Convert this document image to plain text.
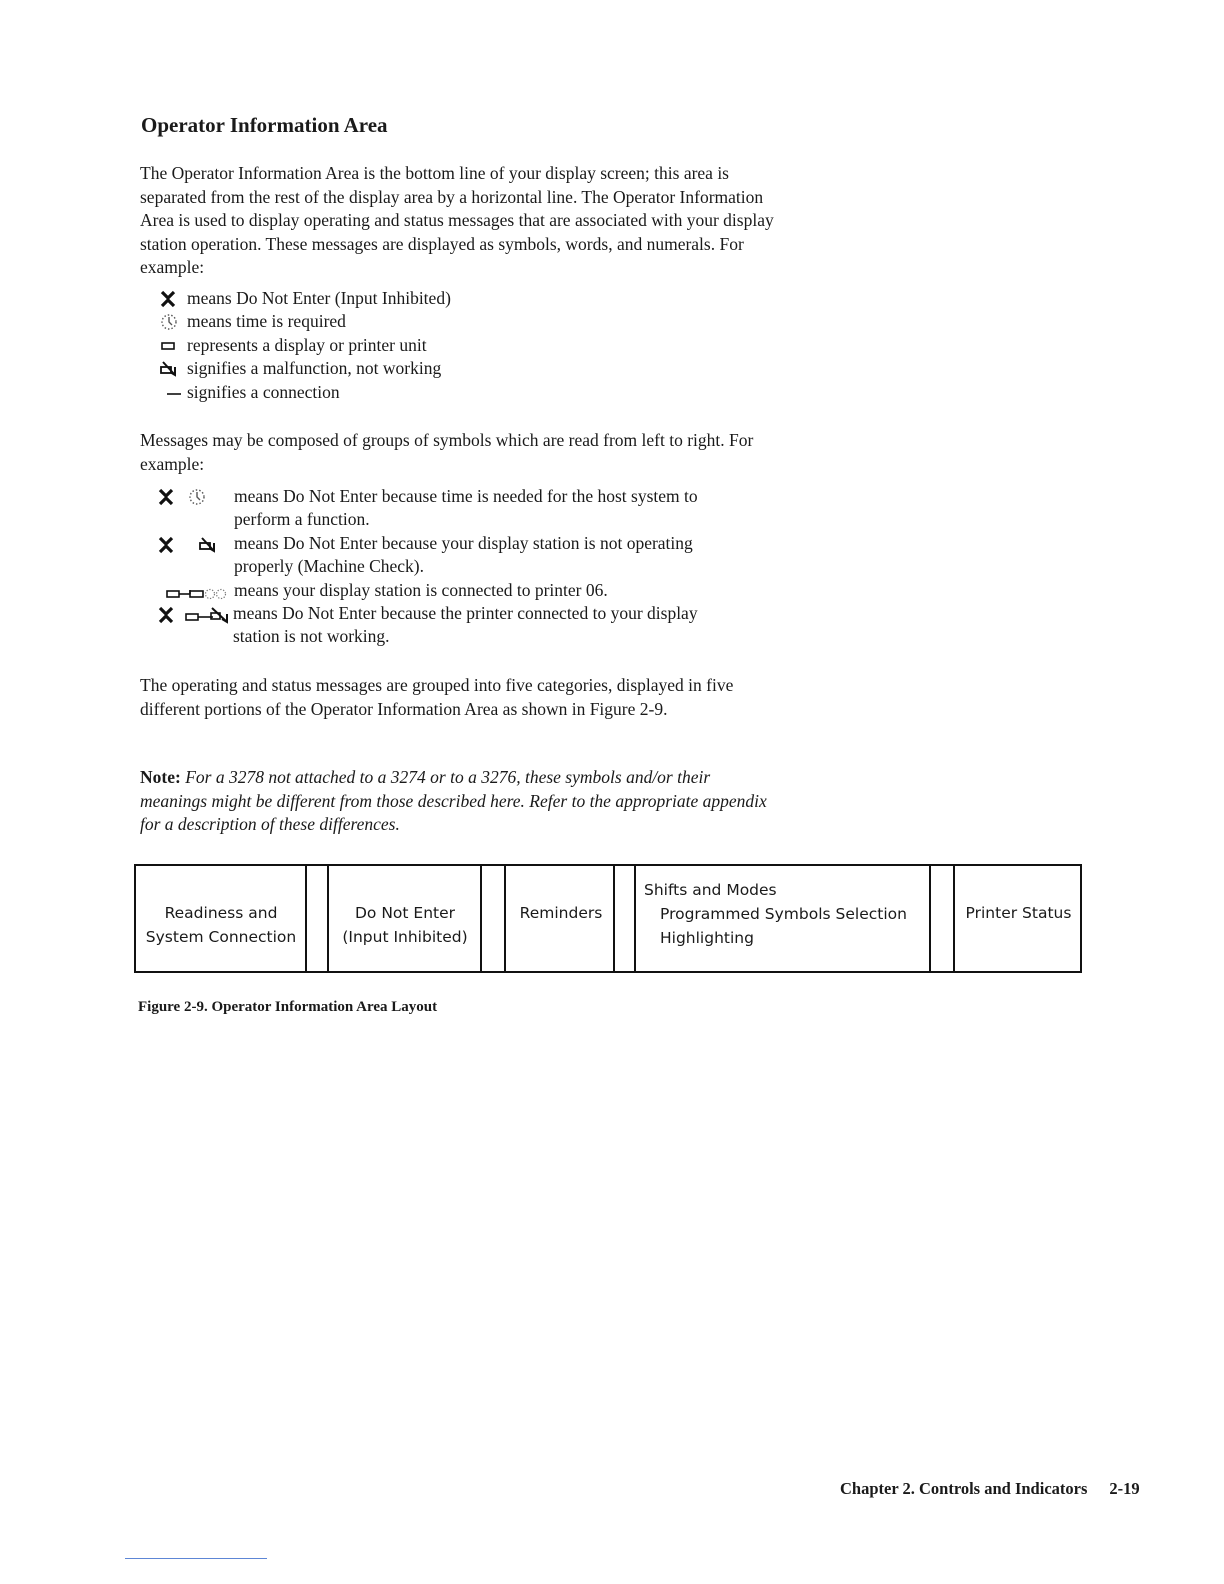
Operator Information Area

The Operator Information Area is the bottom line of your display screen; this area is separated from the rest of the display area by a horizontal line. The Operator Information Area is used to display operating and status messages that are associated with your display station operation. These messages are displayed as symbols, words, and numerals. For example:

means Do Not Enter (Input Inhibited)
means time is required
represents a display or printer unit
signifies a malfunction, not working
signifies a connection

Messages may be composed of groups of symbols which are read from left to right. For example:

means Do Not Enter because time is needed for the host system to
perform a function.
means Do Not Enter because your display station is not operating
properly (Machine Check).
means your display station is connected to printer 06.
means Do Not Enter because the printer connected to your display
station is not working.

The operating and status messages are grouped into five categories, displayed in five different portions of the Operator Information Area as shown in Figure 2-9.

Note: For a 3278 not attached to a 3274 or to a 3276, these symbols and/or their meanings might be different from those described here. Refer to the appropriate appendix for a description of these differences.

Readiness and
System Connection
Do Not Enter
(Input Inhibited)
Reminders
Shifts and Modes
Programmed Symbols Selection
Highlighting
Printer Status
Figure 2-9. Operator Information Area Layout
Chapter 2. Controls and Indicators 2-19
